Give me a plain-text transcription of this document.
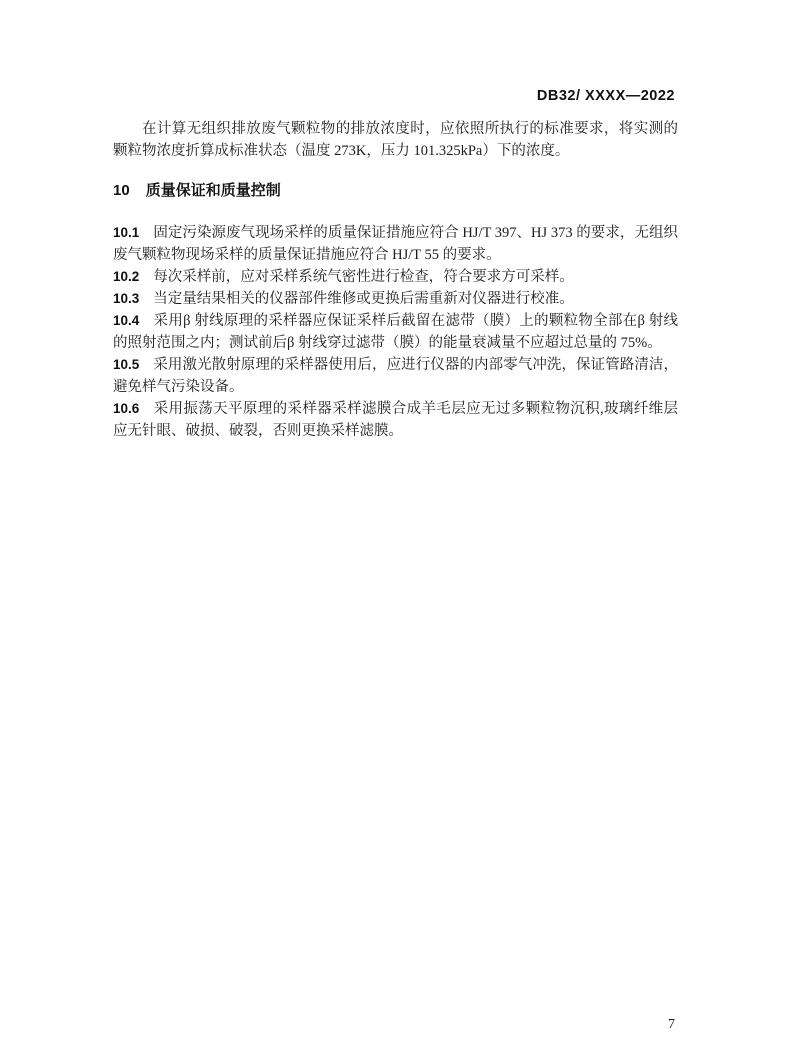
DB32/ XXXX—2022

在计算无组织排放废气颗粒物的排放浓度时，应依照所执行的标准要求，将实测的颗粒物浓度折算成标准状态（温度 273K，压力 101.325kPa）下的浓度。

10 质量保证和质量控制

10.1 固定污染源废气现场采样的质量保证措施应符合 HJ/T 397、HJ 373 的要求，无组织废气颗粒物现场采样的质量保证措施应符合 HJ/T 55 的要求。

10.2 每次采样前，应对采样系统气密性进行检查，符合要求方可采样。

10.3 当定量结果相关的仪器部件维修或更换后需重新对仪器进行校准。

10.4 采用β 射线原理的采样器应保证采样后截留在滤带（膜）上的颗粒物全部在β 射线的照射范围之内；测试前后β 射线穿过滤带（膜）的能量衰减量不应超过总量的 75%。

10.5 采用激光散射原理的采样器使用后，应进行仪器的内部零气冲洗，保证管路清洁，避免样气污染设备。

10.6 采用振荡天平原理的采样器采样滤膜合成羊毛层应无过多颗粒物沉积,玻璃纤维层应无针眼、破损、破裂，否则更换采样滤膜。

7
